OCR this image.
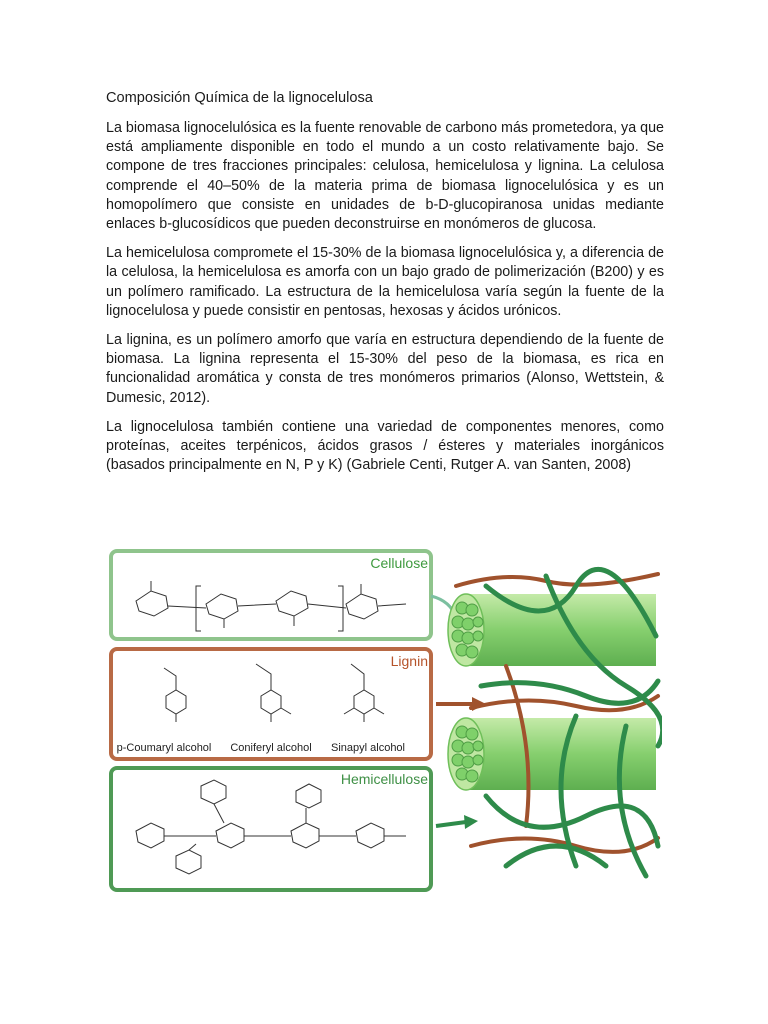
Composición Química de la lignocelulosa

La biomasa lignocelulósica es la fuente renovable de carbono más prometedora, ya que está ampliamente disponible en todo el mundo a un costo relativamente bajo. Se compone de tres fracciones principales: celulosa, hemicelulosa y lignina. La celulosa comprende el 40–50% de la materia prima de biomasa lignocelulósica y es un homopolímero que consiste en unidades de b-D-glucopiranosa unidas mediante enlaces b-glucosídicos que pueden deconstruirse en monómeros de glucosa.

La hemicelulosa compromete el 15-30% de la biomasa lignocelulósica y, a diferencia de la celulosa, la hemicelulosa es amorfa con un bajo grado de polimerización (B200) y es un polímero ramificado. La estructura de la hemicelulosa varía según la fuente de la lignocelulosa y puede consistir en pentosas, hexosas y ácidos urónicos.

La lignina, es un polímero amorfo que varía en estructura dependiendo de la fuente de biomasa. La lignina representa el 15-30% del peso de la biomasa, es rica en funcionalidad aromática y consta de tres monómeros primarios (Alonso, Wettstein, & Dumesic, 2012).

La lignocelulosa también contiene una variedad de componentes menores, como proteínas, aceites terpénicos, ácidos grasos / ésteres y materiales inorgánicos (basados principalmente en N, P y K) (Gabriele Centi, Rutger A. van Santen, 2008)

Cellulose
Lignin
p-Coumaryl alcohol Coniferyl alcohol Sinapyl alcohol
Hemicellulose
